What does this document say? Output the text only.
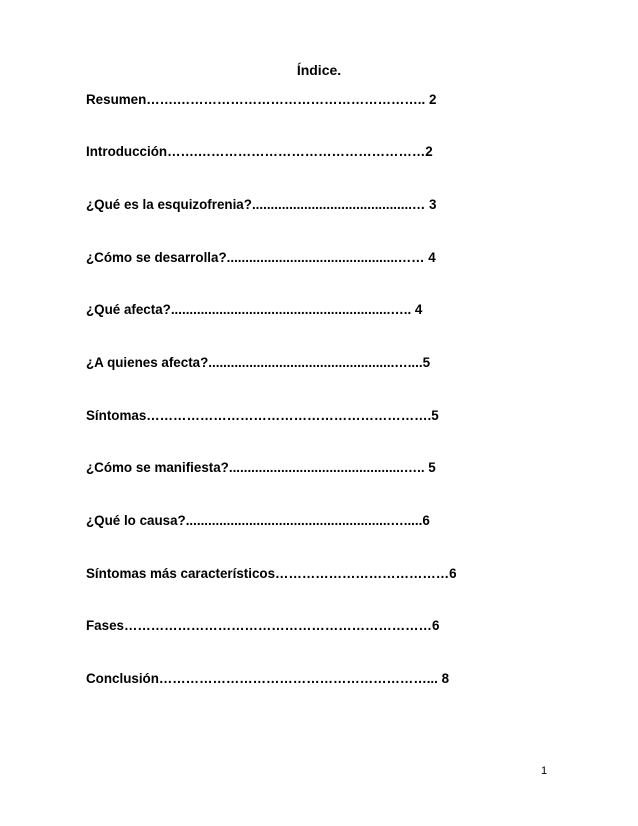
Índice.
Resumen…….……………………………………………….. 2
Introducción…….……………………………………………2
¿Qué es la esquizofrenia?...........................................… 3
¿Cómo se desarrolla?..............................................…… 4
¿Qué afecta?...........................................................….. 4
¿A quienes afecta?..................................................…....5
Síntomas……………………………………………………….5
¿Cómo se manifiesta?...............................................….. 5
¿Qué lo causa?.......................................................….....6
Síntomas más característicos…………………………………6
Fases……………………………………………………………6
Conclusión……………………………………………………... 8
1
